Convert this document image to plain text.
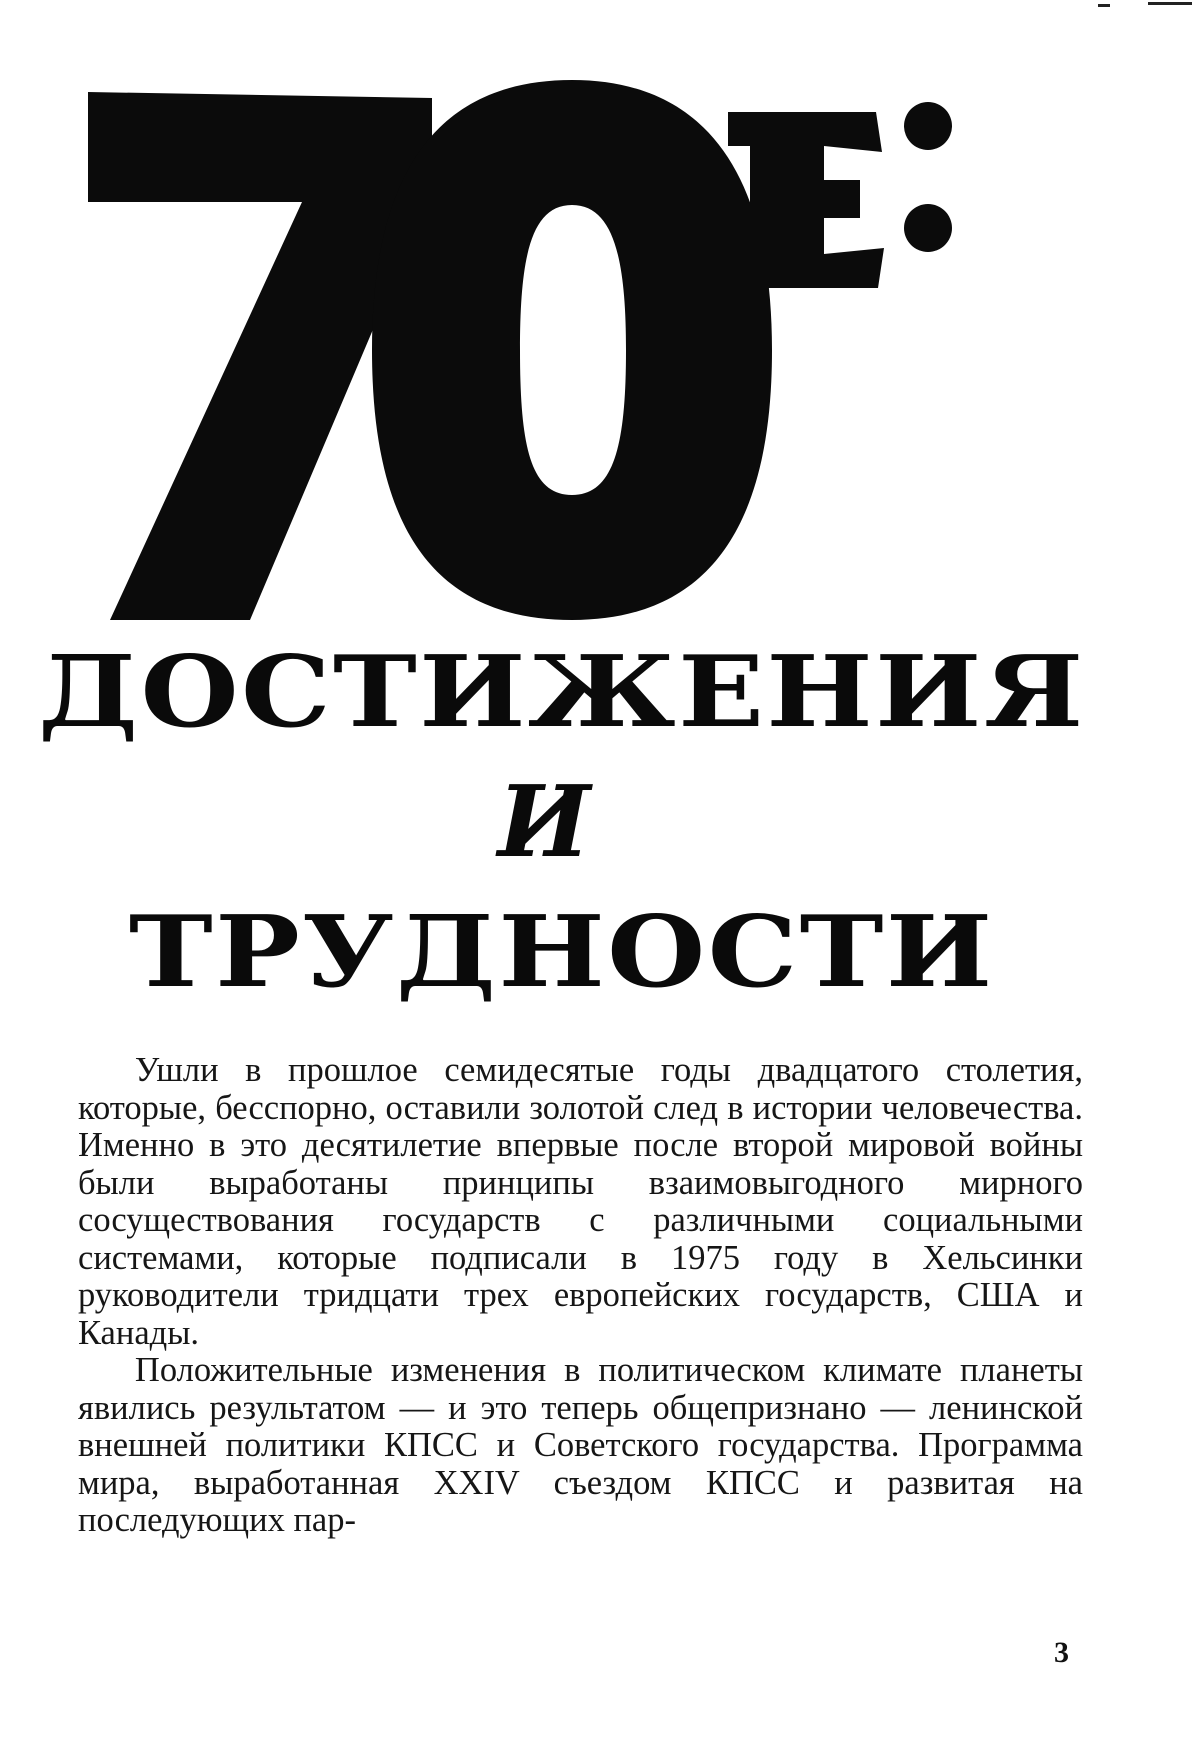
ДОСТИЖЕНИЯ
И
ТРУДНОСТИ

Ушли в прошлое семидесятые годы двадцатого столетия, которые, бесспорно, оставили золотой след в истории человечества. Именно в это десятилетие впервые после второй мировой войны были выработаны принципы взаимовыгодного мирного сосуществования государств с различными социальными системами, которые подписали в 1975 году в Хельсинки руководители тридцати трех европейских государств, США и Канады.

Положительные изменения в политическом климате планеты явились результатом — и это теперь общепризнано — ленинской внешней политики КПСС и Советского государства. Программа мира, выработанная XXIV съездом КПСС и развитая на последующих пар-

3
